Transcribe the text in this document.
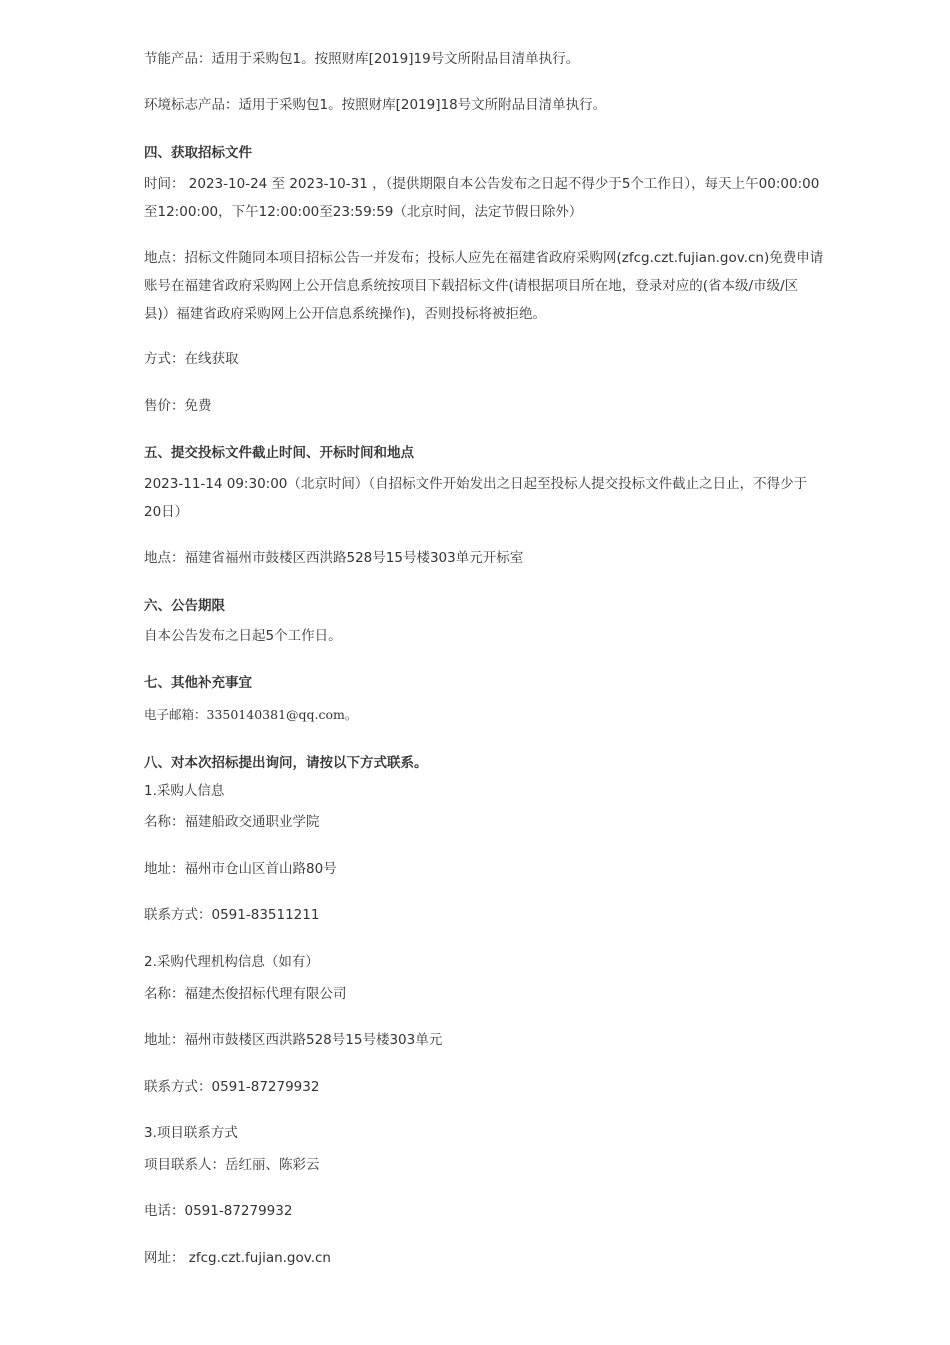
节能产品：适用于采购包1。按照财库[2019]19号文所附品目清单执行。
环境标志产品：适用于采购包1。按照财库[2019]18号文所附品目清单执行。
四、获取招标文件
时间： 2023-10-24 至 2023-10-31 ，（提供期限自本公告发布之日起不得少于5个工作日），每天上午00:00:00
至12:00:00，下午12:00:00至23:59:59（北京时间，法定节假日除外）
地点：招标文件随同本项目招标公告一并发布；投标人应先在福建省政府采购网(zfcg.czt.fujian.gov.cn)免费申请
账号在福建省政府采购网上公开信息系统按项目下载招标文件(请根据项目所在地，登录对应的(省本级/市级/区
县)）福建省政府采购网上公开信息系统操作)，否则投标将被拒绝。
方式：在线获取
售价：免费
五、提交投标文件截止时间、开标时间和地点
2023-11-14 09:30:00（北京时间）（自招标文件开始发出之日起至投标人提交投标文件截止之日止，不得少于
20日）
地点：福建省福州市鼓楼区西洪路528号15号楼303单元开标室
六、公告期限
自本公告发布之日起5个工作日。
七、其他补充事宜
电子邮箱：3350140381@qq.com。
八、对本次招标提出询问，请按以下方式联系。
1.采购人信息
名称：福建船政交通职业学院
地址：福州市仓山区首山路80号
联系方式：0591-83511211
2.采购代理机构信息（如有）
名称：福建杰俊招标代理有限公司
地址：福州市鼓楼区西洪路528号15号楼303单元
联系方式：0591-87279932
3.项目联系方式
项目联系人：岳红丽、陈彩云
电话：0591-87279932
网址： zfcg.czt.fujian.gov.cn
